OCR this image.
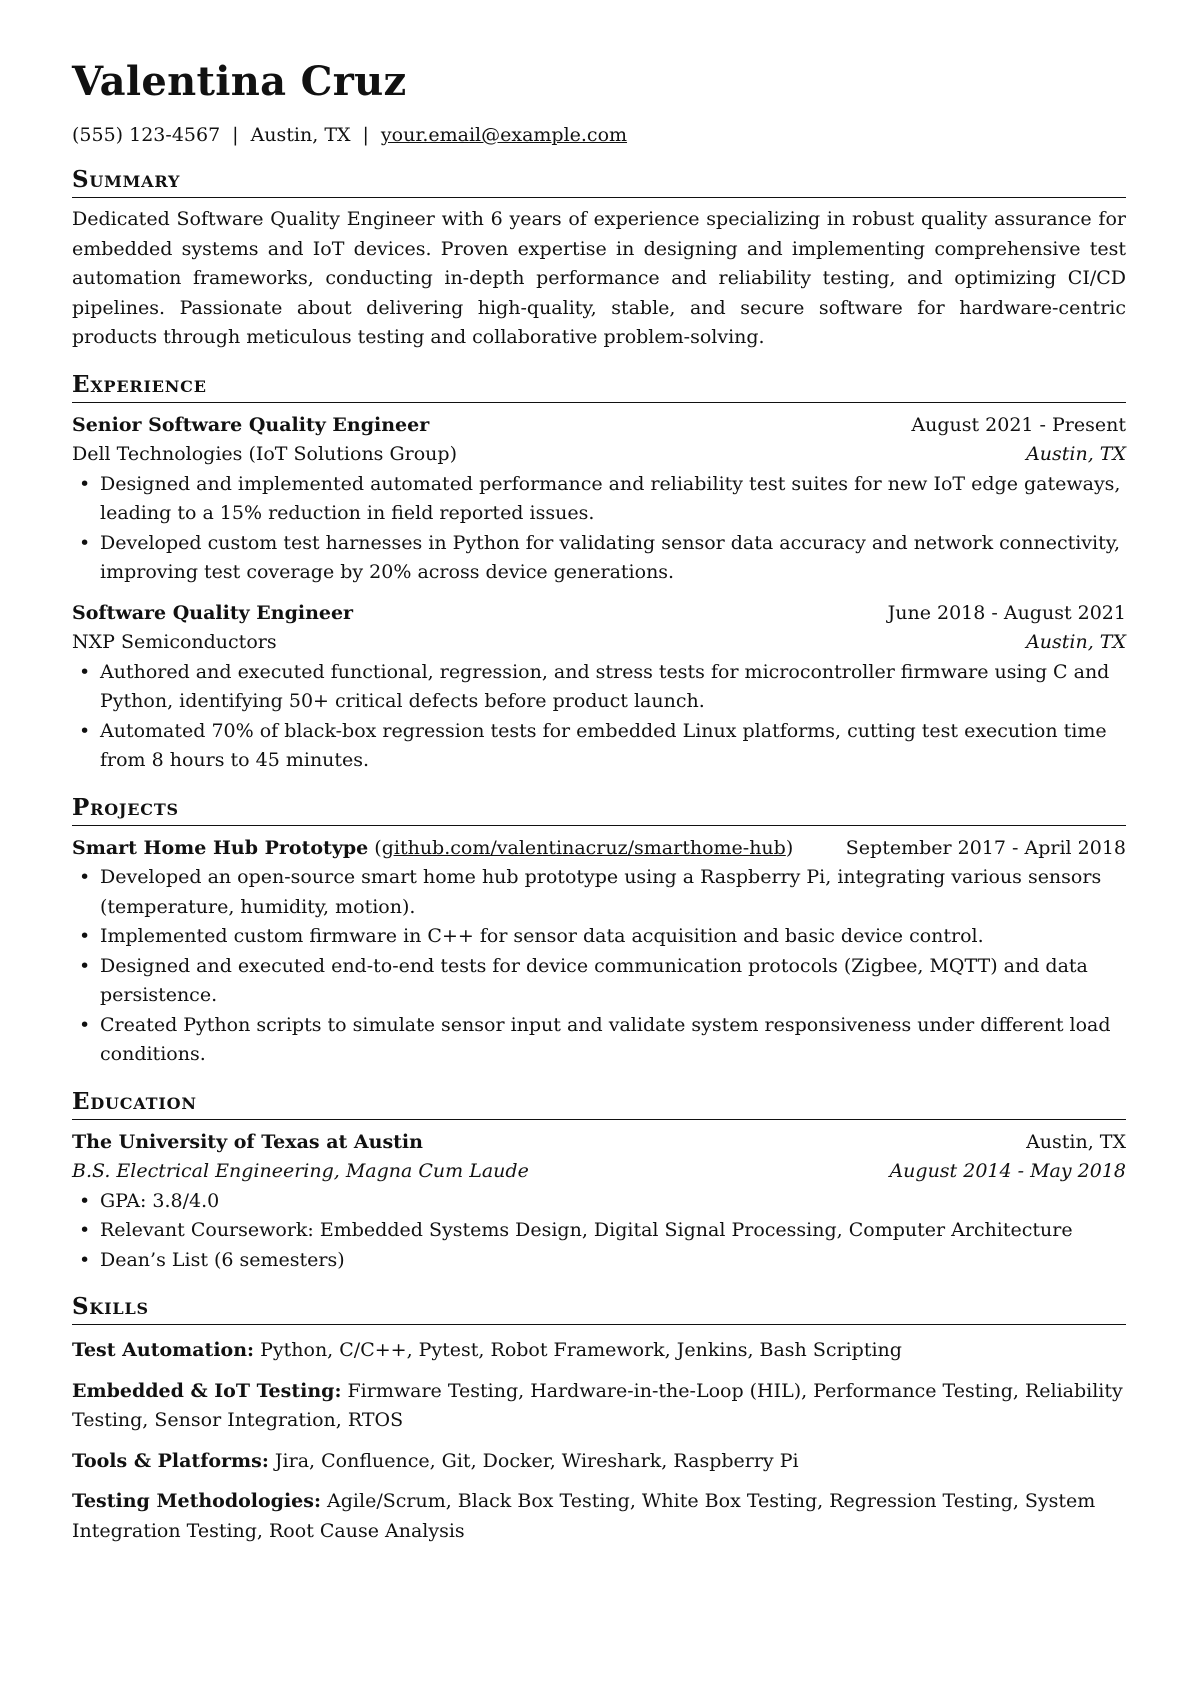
Valentina Cruz
(555) 123-4567 | Austin, TX | your.email@example.com
Summary
Dedicated Software Quality Engineer with 6 years of experience specializing in robust quality assurance for embedded systems and IoT devices. Proven expertise in designing and implementing comprehensive test automation frameworks, conducting in-depth performance and reliability testing, and optimizing CI/CD pipelines. Passionate about delivering high-quality, stable, and secure software for hardware-centric products through meticulous testing and collaborative problem-solving.
Experience
Senior Software Quality Engineer	August 2021 - Present
Dell Technologies (IoT Solutions Group)	Austin, TX
• Designed and implemented automated performance and reliability test suites for new IoT edge gateways, leading to a 15% reduction in field reported issues.
• Developed custom test harnesses in Python for validating sensor data accuracy and network connectivity, improving test coverage by 20% across device generations.
Software Quality Engineer	June 2018 - August 2021
NXP Semiconductors	Austin, TX
• Authored and executed functional, regression, and stress tests for microcontroller firmware using C and Python, identifying 50+ critical defects before product launch.
• Automated 70% of black-box regression tests for embedded Linux platforms, cutting test execution time from 8 hours to 45 minutes.
Projects
Smart Home Hub Prototype (github.com/valentinacruz/smarthome-hub)	September 2017 - April 2018
• Developed an open-source smart home hub prototype using a Raspberry Pi, integrating various sensors (temperature, humidity, motion).
• Implemented custom firmware in C++ for sensor data acquisition and basic device control.
• Designed and executed end-to-end tests for device communication protocols (Zigbee, MQTT) and data persistence.
• Created Python scripts to simulate sensor input and validate system responsiveness under different load conditions.
Education
The University of Texas at Austin	Austin, TX
B.S. Electrical Engineering, Magna Cum Laude	August 2014 - May 2018
• GPA: 3.8/4.0
• Relevant Coursework: Embedded Systems Design, Digital Signal Processing, Computer Architecture
• Dean’s List (6 semesters)
Skills
Test Automation: Python, C/C++, Pytest, Robot Framework, Jenkins, Bash Scripting
Embedded & IoT Testing: Firmware Testing, Hardware-in-the-Loop (HIL), Performance Testing, Reliability Testing, Sensor Integration, RTOS
Tools & Platforms: Jira, Confluence, Git, Docker, Wireshark, Raspberry Pi
Testing Methodologies: Agile/Scrum, Black Box Testing, White Box Testing, Regression Testing, System Integration Testing, Root Cause Analysis
